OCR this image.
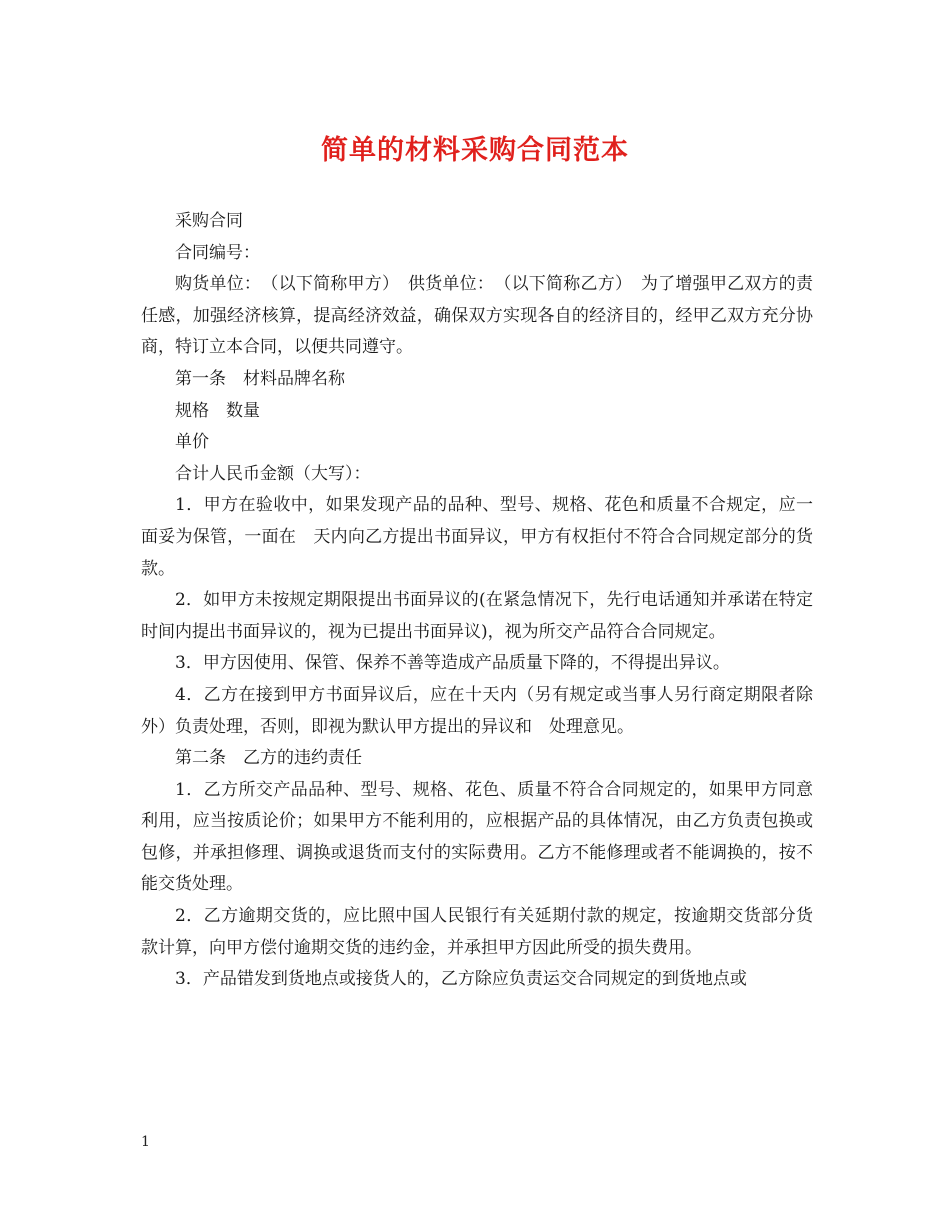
简单的材料采购合同范本

采购合同

合同编号：

购货单位：　（以下简称甲方）　供货单位：　（以下简称乙方）　为了增强甲乙双方的责任感，加强经济核算，提高经济效益，确保双方实现各自的经济目的，经甲乙双方充分协商，特订立本合同，以便共同遵守。

第一条　材料品牌名称

规格　数量

单价

合计人民币金额（大写）：

1．甲方在验收中，如果发现产品的品种、型号、规格、花色和质量不合规定，应一面妥为保管，一面在　天内向乙方提出书面异议，甲方有权拒付不符合合同规定部分的货款。

2．如甲方未按规定期限提出书面异议的(在紧急情况下，先行电话通知并承诺在特定时间内提出书面异议的，视为已提出书面异议)，视为所交产品符合合同规定。

3．甲方因使用、保管、保养不善等造成产品质量下降的，不得提出异议。

4．乙方在接到甲方书面异议后，应在十天内（另有规定或当事人另行商定期限者除外）负责处理，否则，即视为默认甲方提出的异议和　处理意见。

第二条　乙方的违约责任

1．乙方所交产品品种、型号、规格、花色、质量不符合合同规定的，如果甲方同意利用，应当按质论价；如果甲方不能利用的，应根据产品的具体情况，由乙方负责包换或包修，并承担修理、调换或退货而支付的实际费用。乙方不能修理或者不能调换的，按不能交货处理。

2．乙方逾期交货的，应比照中国人民银行有关延期付款的规定，按逾期交货部分货款计算，向甲方偿付逾期交货的违约金，并承担甲方因此所受的损失费用。

3．产品错发到货地点或接货人的，乙方除应负责运交合同规定的到货地点或

1
